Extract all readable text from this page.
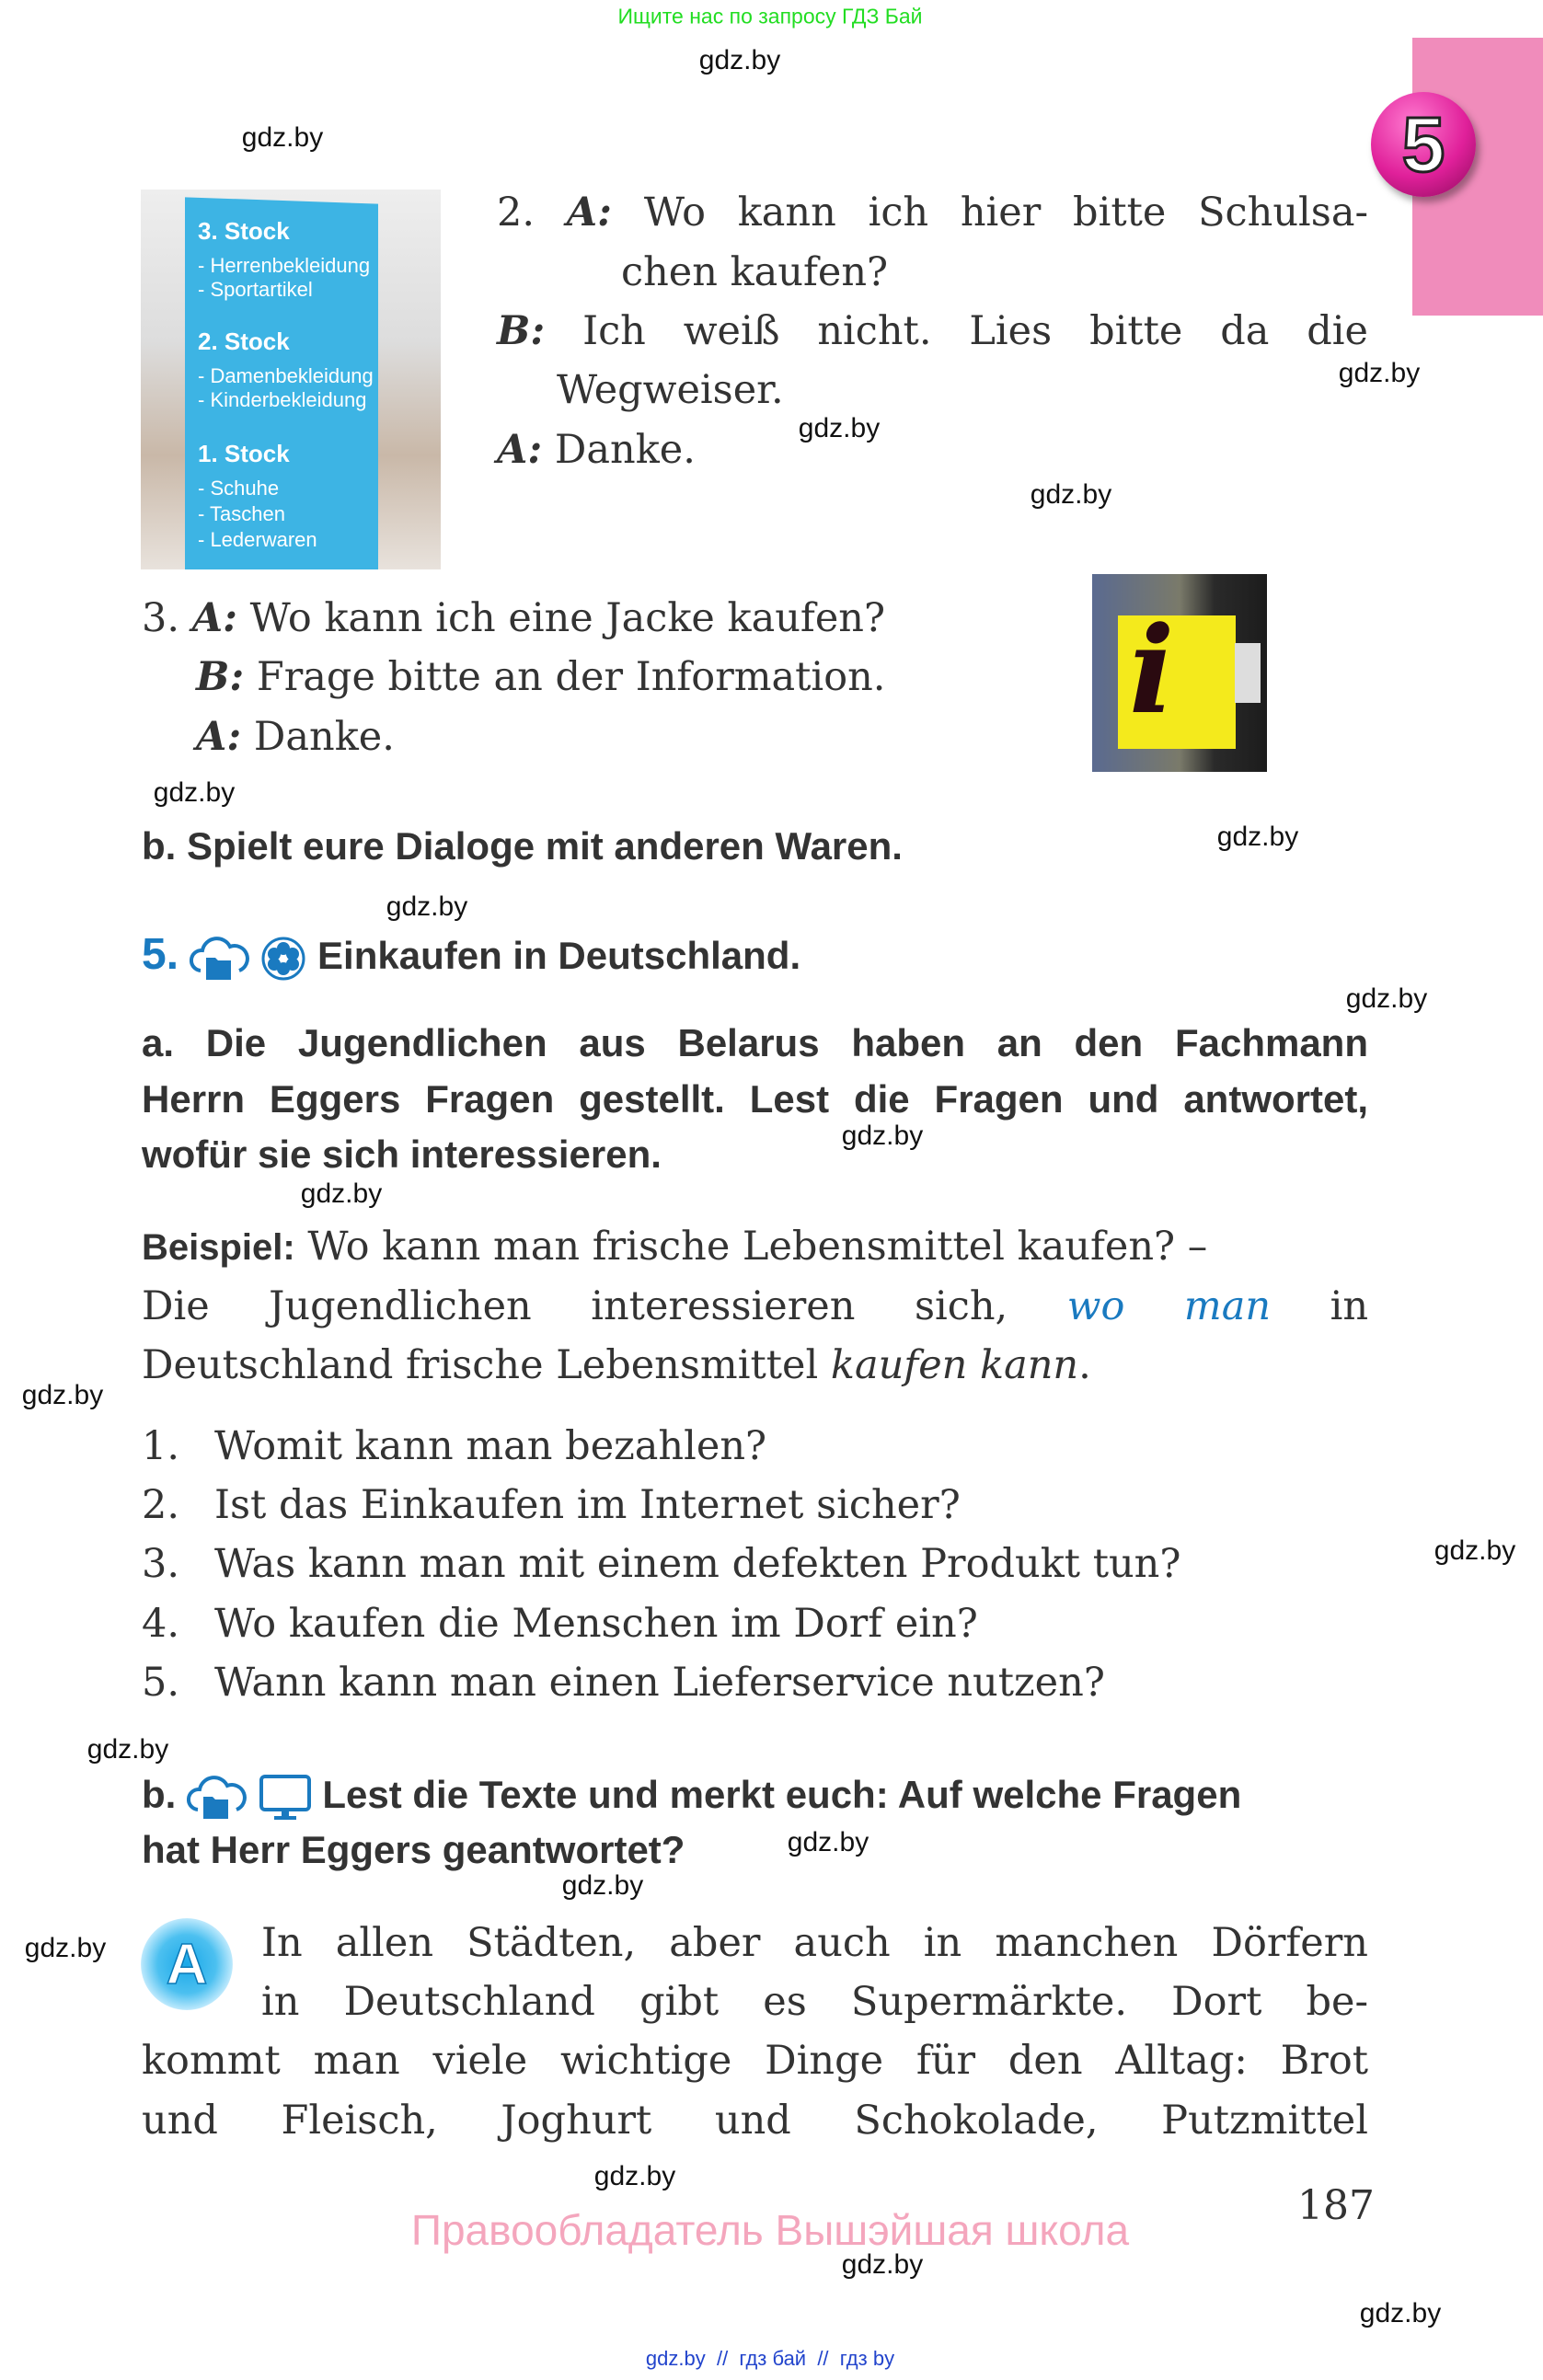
Ищите нас по запросу ГДЗ Бай
5
3. Stock
- Herrenbekleidung
- Sportartikel
2. Stock
- Damenbekleidung
- Kinderbekleidung
1. Stock
- Schuhe
- Taschen
- Lederwaren
2. A: Wo kann ich hier bitte Schulsa-
chen kaufen?
B: Ich weiß nicht. Lies bitte da die
Wegweiser.
A: Danke.
i
3. A: Wo kann ich eine Jacke kaufen?
B: Frage bitte an der Information.
A: Danke.
b. Spielt eure Dialoge mit anderen Waren.
5.	Einkaufen in Deutschland.
a. Die Jugendlichen aus Belarus haben an den Fachmann
Herrn Eggers Fragen gestellt. Lest die Fragen und antwortet,
wofür sie sich interessieren.
Beispiel: Wo kann man frische Lebensmittel kaufen? –
Die Jugendlichen interessieren sich, wo man in
Deutschland frische Lebensmittel kaufen kann.
1. Womit kann man bezahlen?
2. Ist das Einkaufen im Internet sicher?
3. Was kann man mit einem defekten Produkt tun?
4. Wo kaufen die Menschen im Dorf ein?
5. Wann kann man einen Lieferservice nutzen?
b.	Lest die Texte und merkt euch: Auf welche Fragen
hat Herr Eggers geantwortet?
A	In allen Städten, aber auch in manchen Dörfern
in Deutschland gibt es Supermärkte. Dort be-
kommt man viele wichtige Dinge für den Alltag: Brot
und Fleisch, Joghurt und Schokolade, Putzmittel
187
Правообладатель Вышэйшая школа
gdz.by  //  гдз бай  //  гдз by
gdz.by
gdz.by
gdz.by
gdz.by
gdz.by
gdz.by
gdz.by
gdz.by
gdz.by
gdz.by
gdz.by
gdz.by
gdz.by
gdz.by
gdz.by
gdz.by
gdz.by
gdz.by
gdz.by
gdz.by
